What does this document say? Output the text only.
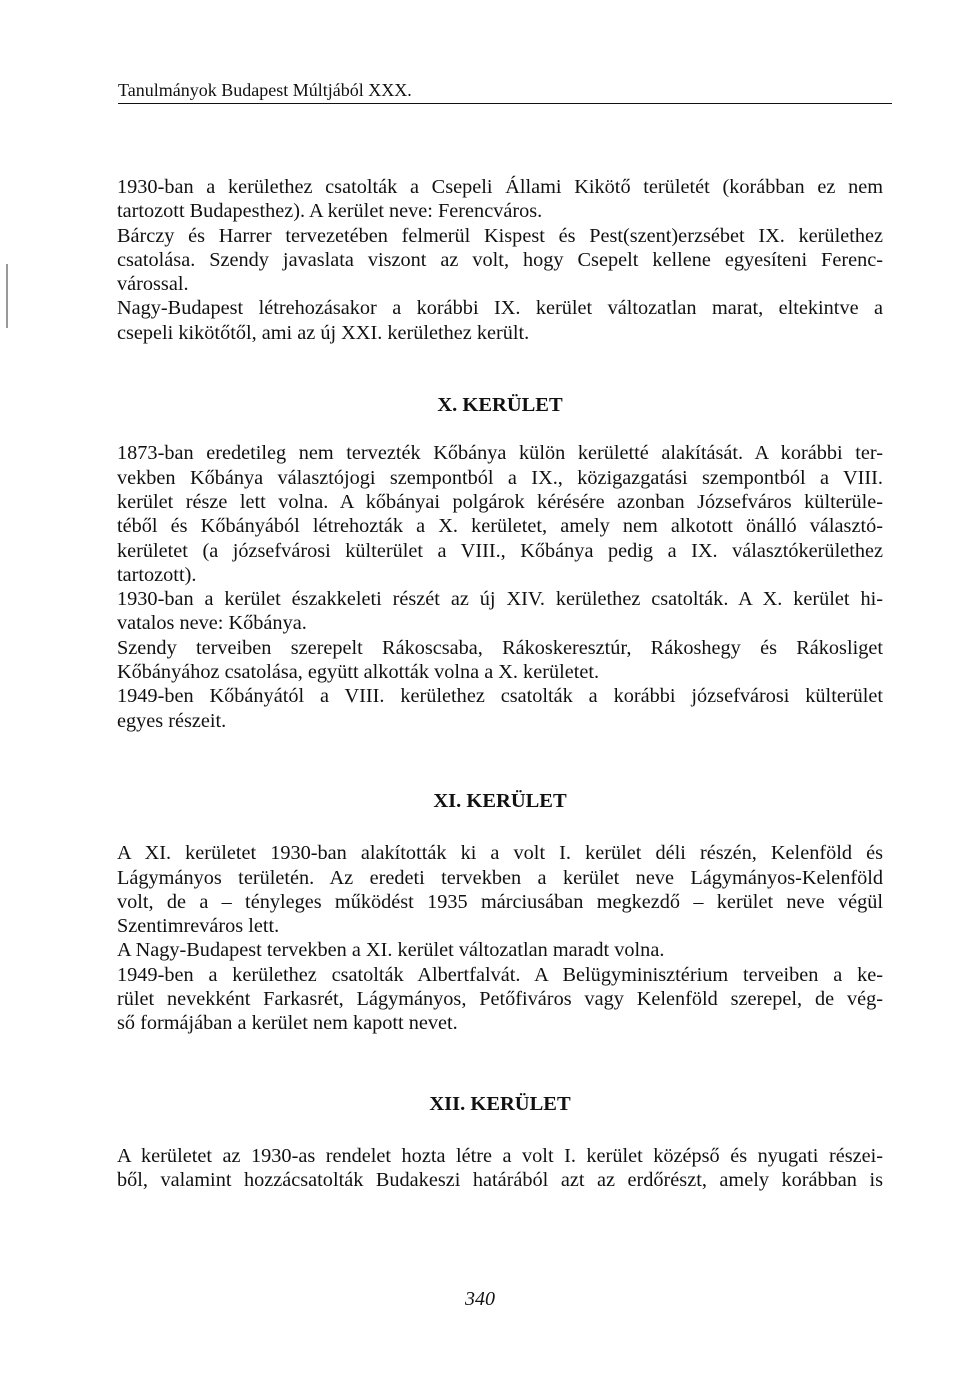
Tanulmányok Budapest Múltjából XXX.
1930-ban a kerülethez csatolták a Csepeli Állami Kikötő területét (korábban ez nem
tartozott Budapesthez). A kerület neve: Ferencváros.
Bárczy és Harrer tervezetében felmerül Kispest és Pest(szent)erzsébet IX. kerülethez
csatolása. Szendy javaslata viszont az volt, hogy Csepelt kellene egyesíteni Ferenc-
várossal.
Nagy-Budapest létrehozásakor a korábbi IX. kerület változatlan marat, eltekintve a
csepeli kikötőtől, ami az új XXI. kerülethez került.
X. KERÜLET
1873-ban eredetileg nem tervezték Kőbánya külön kerületté alakítását. A korábbi ter-
vekben Kőbánya választójogi szempontból a IX., közigazgatási szempontból a VIII.
kerület része lett volna. A kőbányai polgárok kérésére azonban Józsefváros külterüle-
téből és Kőbányából létrehozták a X. kerületet, amely nem alkotott önálló választó-
kerületet (a józsefvárosi külterület a VIII., Kőbánya pedig a IX. választókerülethez
tartozott).
1930-ban a kerület északkeleti részét az új XIV. kerülethez csatolták. A X. kerület hi-
vatalos neve: Kőbánya.
Szendy terveiben szerepelt Rákoscsaba, Rákoskeresztúr, Rákoshegy és Rákosliget
Kőbányához csatolása, együtt alkották volna a X. kerületet.
1949-ben Kőbányától a VIII. kerülethez csatolták a korábbi józsefvárosi külterület
egyes részeit.
XI. KERÜLET
A XI. kerületet 1930-ban alakították ki a volt I. kerület déli részén, Kelenföld és
Lágymányos területén. Az eredeti tervekben a kerület neve Lágymányos-Kelenföld
volt, de a – tényleges működést 1935 márciusában megkezdő – kerület neve végül
Szentimreváros lett.
A Nagy-Budapest tervekben a XI. kerület változatlan maradt volna.
1949-ben a kerülethez csatolták Albertfalvát. A Belügyminisztérium terveiben a ke-
rület nevekként Farkasrét, Lágymányos, Petőfiváros vagy Kelenföld szerepel, de vég-
ső formájában a kerület nem kapott nevet.
XII. KERÜLET
A kerületet az 1930-as rendelet hozta létre a volt I. kerület középső és nyugati részei-
ből, valamint hozzácsatolták Budakeszi határából azt az erdőrészt, amely korábban is
340
